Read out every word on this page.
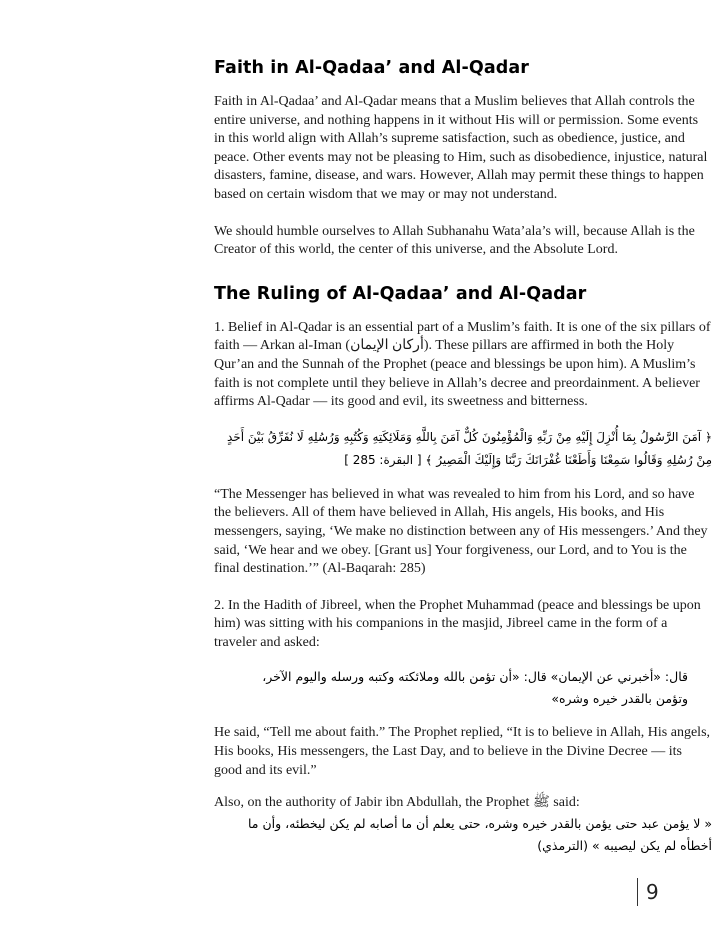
Faith in Al-Qadaa’ and Al-Qadar

Faith in Al-Qadaa’ and Al-Qadar means that a Muslim believes that Allah controls the entire universe, and nothing happens in it without His will or permission. Some events in this world align with Allah’s supreme satisfaction, such as obedience, justice, and peace. Other events may not be pleasing to Him, such as disobedience, injustice, natural disasters, famine, disease, and wars. However, Allah may permit these things to happen based on certain wisdom that we may or may not understand.

We should humble ourselves to Allah Subhanahu Wata’ala’s will, because Allah is the Creator of this world, the center of this universe, and the Absolute Lord.

The Ruling of Al-Qadaa’ and Al-Qadar

1. Belief in Al-Qadar is an essential part of a Muslim’s faith. It is one of the six pillars of faith — Arkan al-Iman (أركان الإيمان). These pillars are affirmed in both the Holy Qur’an and the Sunnah of the Prophet (peace and blessings be upon him). A Muslim’s faith is not complete until they believe in Allah’s decree and preordainment. A believer affirms Al-Qadar — its good and evil, its sweetness and bitterness.

﴿ آمَنَ الرَّسُولُ بِمَا أُنْزِلَ إِلَيْهِ مِنْ رَبِّهِ وَالْمُؤْمِنُونَ كُلٌّ آمَنَ بِاللَّهِ وَمَلَائِكَتِهِ وَكُتُبِهِ وَرُسُلِهِ لَا نُفَرِّقُ بَيْنَ أَحَدٍ مِنْ رُسُلِهِ وَقَالُوا سَمِعْنَا وَأَطَعْنَا غُفْرَانَكَ رَبَّنَا وَإِلَيْكَ الْمَصِيرُ ﴾ [ البقرة: 285 ]

“The Messenger has believed in what was revealed to him from his Lord, and so have the believers. All of them have believed in Allah, His angels, His books, and His messengers, saying, ‘We make no distinction between any of His messengers.’ And they said, ‘We hear and we obey. [Grant us] Your forgiveness, our Lord, and to You is the final destination.’” (Al-Baqarah: 285)

2. In the Hadith of Jibreel, when the Prophet Muhammad (peace and blessings be upon him) was sitting with his companions in the masjid, Jibreel came in the form of a traveler and asked:

قال: «أخبرني عن الإيمان» قال: «أن تؤمن بالله وملائكته وكتبه ورسله واليوم الآخر، وتؤمن بالقدر خيره وشره»

He said, “Tell me about faith.” The Prophet replied, “It is to believe in Allah, His angels, His books, His messengers, the Last Day, and to believe in the Divine Decree — its good and its evil.”

Also, on the authority of Jabir ibn Abdullah, the Prophet ﷺ said:

« لا يؤمن عبد حتى يؤمن بالقدر خيره وشره، حتى يعلم أن ما أصابه لم يكن ليخطئه، وأن ما أخطأه لم يكن ليصيبه » (الترمذي)

9
